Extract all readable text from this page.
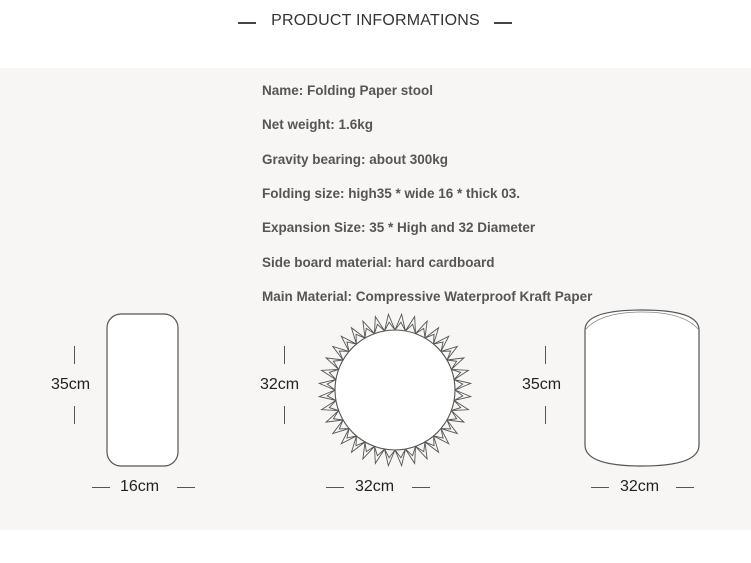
PRODUCT INFORMATIONS
Name: Folding Paper stool
Net weight: 1.6kg
Gravity bearing: about 300kg
Folding size: high35 * wide 16 * thick 03.
Expansion Size: 35 * High and 32 Diameter
Side board material: hard cardboard
Main Material: Compressive Waterproof Kraft Paper
35cm
16cm
32cm
32cm
35cm
32cm
